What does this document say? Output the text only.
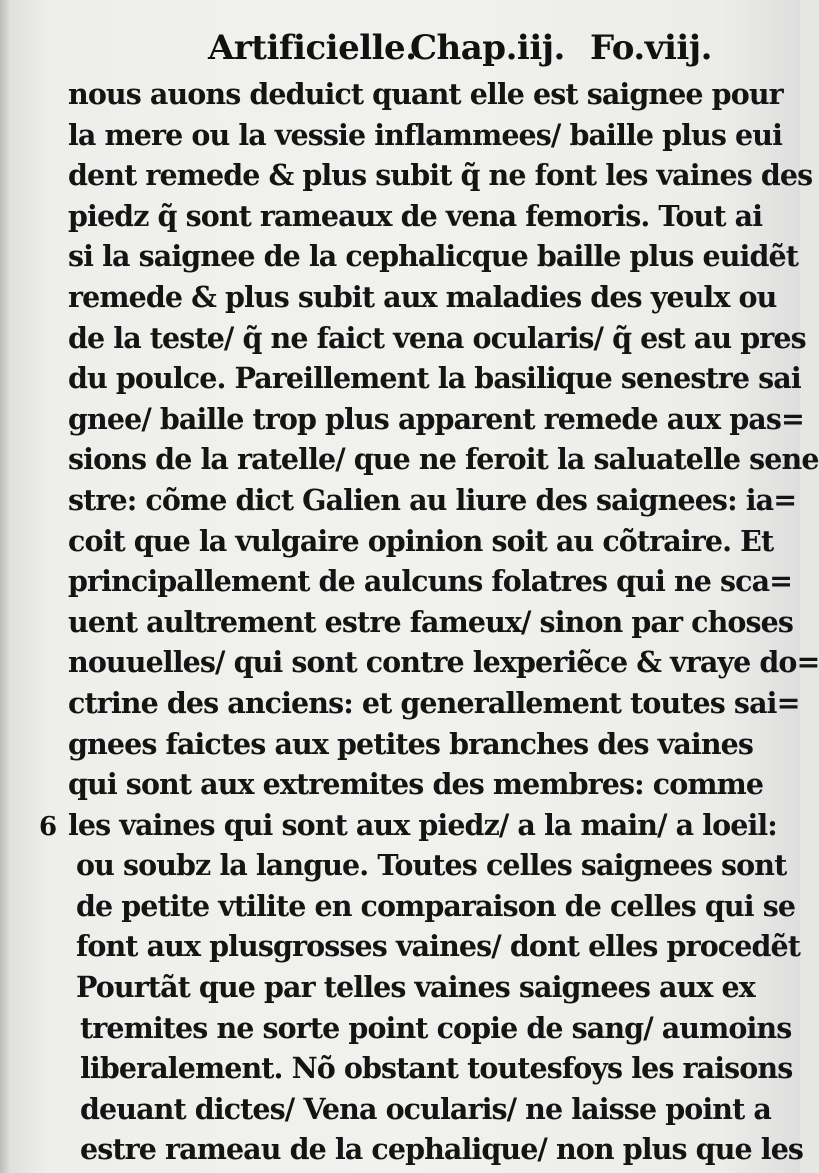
Artificielle.
Chap.iij. Fo.viij.
6
nous auons deduict quant elle est saignee pour
la mere ou la vessie inflammees/ baille plus eui
dent remede & plus subit q̃ ne font les vaines des
piedz q̃ sont rameaux de vena femoris. Tout ai
si la saignee de la cephalicque baille plus euidẽt
remede & plus subit aux maladies des yeulx ou
de la teste/ q̃ ne faict vena ocularis/ q̃ est au pres
du poulce. Pareillement la basilique senestre sai
gnee/ baille trop plus apparent remede aux pas=
sions de la ratelle/ que ne feroit la saluatelle sene
stre: cõme dict Galien au liure des saignees: ia=
coit que la vulgaire opinion soit au cõtraire. Et
principallement de aulcuns folatres qui ne sca=
uent aultrement estre fameux/ sinon par choses
nouuelles/ qui sont contre lexperiẽce & vraye do=
ctrine des anciens: et generallement toutes sai=
gnees faictes aux petites branches des vaines
qui sont aux extremites des membres: comme
les vaines qui sont aux piedz/ a la main/ a loeil:
ou soubz la langue. Toutes celles saignees sont
de petite vtilite en comparaison de celles qui se
font aux plusgrosses vaines/ dont elles procedẽt
Pourtãt que par telles vaines saignees aux ex
tremites ne sorte point copie de sang/ aumoins
liberalement. Nõ obstant toutesfoys les raisons
deuant dictes/ Vena ocularis/ ne laisse point a
estre rameau de la cephalique/ non plus que les
